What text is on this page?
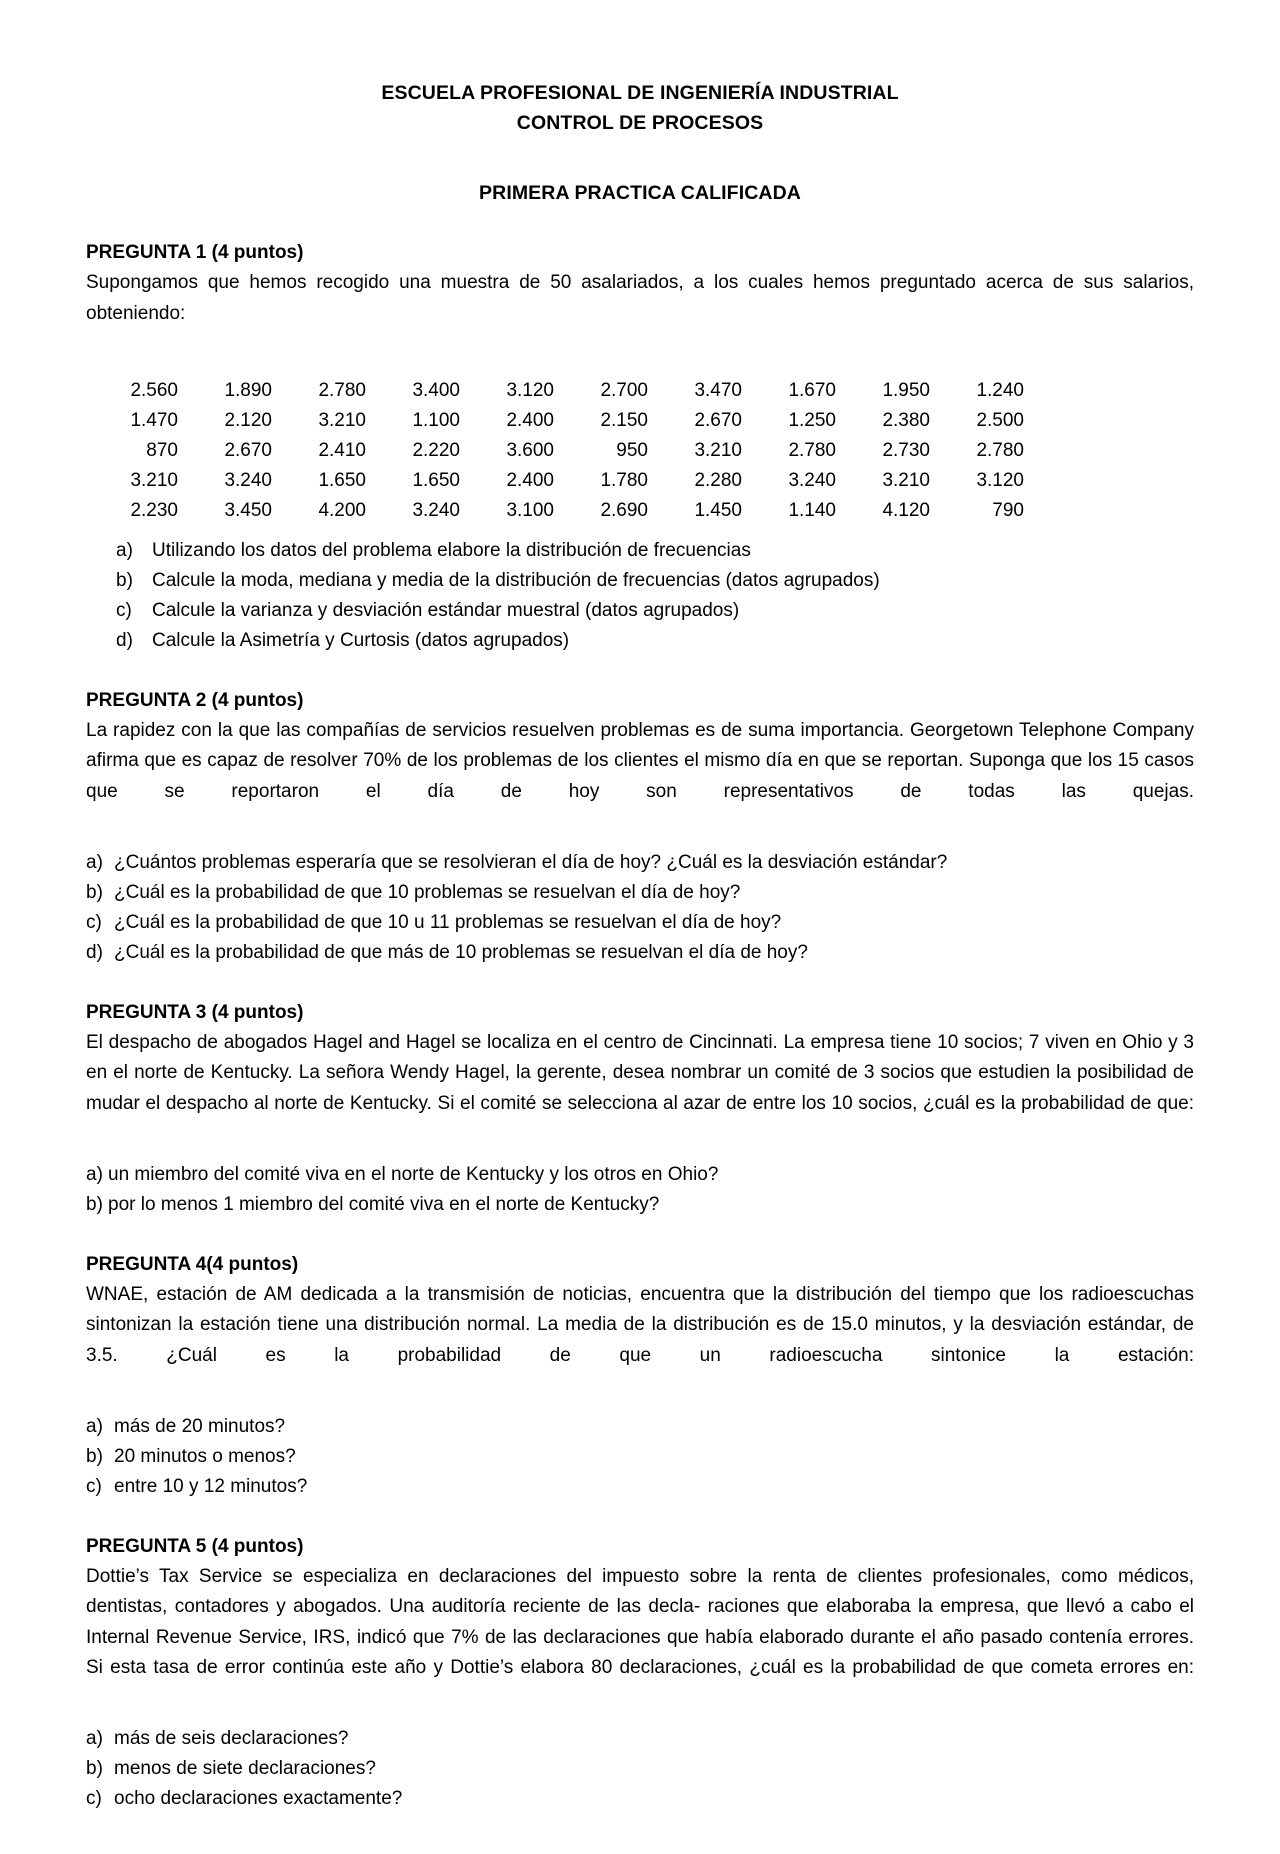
ESCUELA PROFESIONAL DE INGENIERÍA INDUSTRIAL
CONTROL DE PROCESOS
PRIMERA PRACTICA CALIFICADA
PREGUNTA 1 (4 puntos)
Supongamos que hemos recogido una muestra de 50 asalariados, a los cuales hemos preguntado acerca de sus salarios, obteniendo:
2.560	1.890	2.780	3.400	3.120	2.700	3.470	1.670	1.950	1.240
1.470	2.120	3.210	1.100	2.400	2.150	2.670	1.250	2.380	2.500
870	2.670	2.410	2.220	3.600	950	3.210	2.780	2.730	2.780
3.210	3.240	1.650	1.650	2.400	1.780	2.280	3.240	3.210	3.120
2.230	3.450	4.200	3.240	3.100	2.690	1.450	1.140	4.120	790
a)	Utilizando los datos del problema elabore la distribución de frecuencias
b)	Calcule la moda, mediana y media de la distribución de frecuencias (datos agrupados)
c)	Calcule la varianza y desviación estándar muestral (datos agrupados)
d)	Calcule la Asimetría y Curtosis (datos agrupados)
PREGUNTA 2 (4 puntos)
La rapidez con la que las compañías de servicios resuelven problemas es de suma importancia. Georgetown Telephone Company afirma que es capaz de resolver 70% de los problemas de los clientes el mismo día en que se reportan. Suponga que los 15 casos que se reportaron el día de hoy son representativos de todas las quejas.
a) ¿Cuántos problemas esperaría que se resolvieran el día de hoy? ¿Cuál es la desviación estándar?
b) ¿Cuál es la probabilidad de que 10 problemas se resuelvan el día de hoy?
c) ¿Cuál es la probabilidad de que 10 u 11 problemas se resuelvan el día de hoy?
d) ¿Cuál es la probabilidad de que más de 10 problemas se resuelvan el día de hoy?
PREGUNTA 3 (4 puntos)
El despacho de abogados Hagel and Hagel se localiza en el centro de Cincinnati. La empresa tiene 10 socios; 7 viven en Ohio y 3 en el norte de Kentucky. La señora Wendy Hagel, la gerente, desea nombrar un comité de 3 socios que estudien la posibilidad de mudar el despacho al norte de Kentucky. Si el comité se selecciona al azar de entre los 10 socios, ¿cuál es la probabilidad de que:
a) un miembro del comité viva en el norte de Kentucky y los otros en Ohio?
b) por lo menos 1 miembro del comité viva en el norte de Kentucky?
PREGUNTA 4(4 puntos)
WNAE, estación de AM dedicada a la transmisión de noticias, encuentra que la distribución del tiempo que los radioescuchas sintonizan la estación tiene una distribución normal. La media de la distribución es de 15.0 minutos, y la desviación estándar, de 3.5. ¿Cuál es la probabilidad de que un radioescucha sintonice la estación:
a) más de 20 minutos?
b) 20 minutos o menos?
c) entre 10 y 12 minutos?
PREGUNTA 5 (4 puntos)
Dottie’s Tax Service se especializa en declaraciones del impuesto sobre la renta de clientes profesionales, como médicos, dentistas, contadores y abogados. Una auditoría reciente de las decla- raciones que elaboraba la empresa, que llevó a cabo el Internal Revenue Service, IRS, indicó que 7% de las declaraciones que había elaborado durante el año pasado contenía errores. Si esta tasa de error continúa este año y Dottie’s elabora 80 declaraciones, ¿cuál es la probabilidad de que cometa errores en:
a) más de seis declaraciones?
b) menos de siete declaraciones?
c) ocho declaraciones exactamente?
